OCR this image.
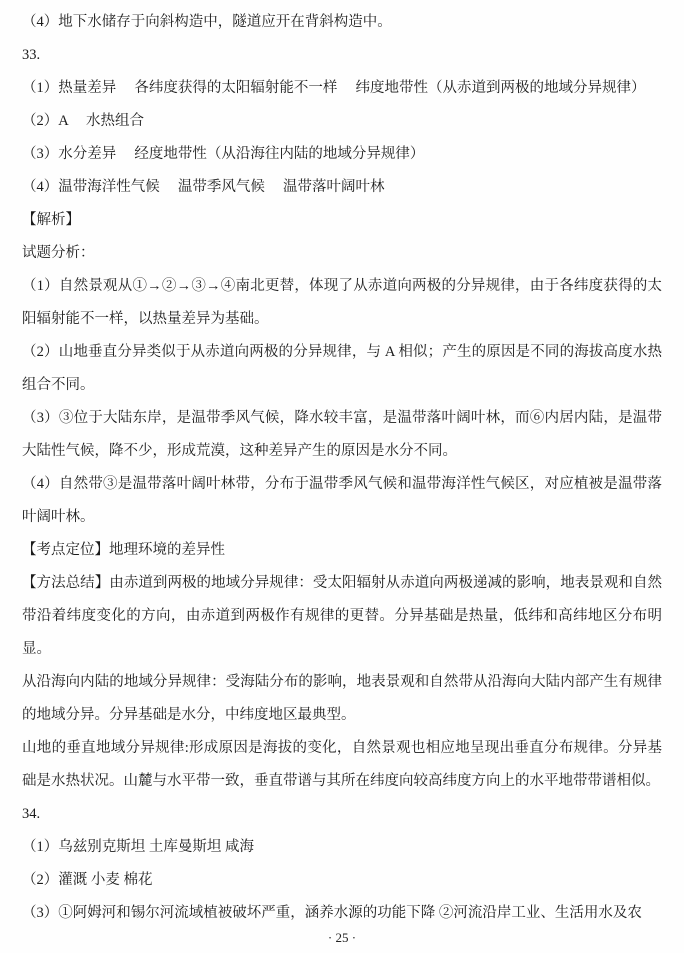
（4）地下水储存于向斜构造中，隧道应开在背斜构造中。

33.

（1）热量差异　 各纬度获得的太阳辐射能不一样　 纬度地带性（从赤道到两极的地域分异规律）

（2）A　 水热组合

（3）水分差异　 经度地带性（从沿海往内陆的地域分异规律）

（4）温带海洋性气候　 温带季风气候　 温带落叶阔叶林

【解析】

试题分析：

（1）自然景观从①→②→③→④南北更替，体现了从赤道向两极的分异规律，由于各纬度获得的太阳辐射能不一样，以热量差异为基础。

（2）山地垂直分异类似于从赤道向两极的分异规律，与 A 相似；产生的原因是不同的海拔高度水热组合不同。

（3）③位于大陆东岸，是温带季风气候，降水较丰富，是温带落叶阔叶林，而⑥内居内陆，是温带大陆性气候，降不少，形成荒漠，这种差异产生的原因是水分不同。

（4）自然带③是温带落叶阔叶林带，分布于温带季风气候和温带海洋性气候区，对应植被是温带落叶阔叶林。

【考点定位】地理环境的差异性

【方法总结】由赤道到两极的地域分异规律：受太阳辐射从赤道向两极递减的影响，地表景观和自然带沿着纬度变化的方向，由赤道到两极作有规律的更替。分异基础是热量，低纬和高纬地区分布明显。

从沿海向内陆的地域分异规律：受海陆分布的影响，地表景观和自然带从沿海向大陆内部产生有规律的地域分异。分异基础是水分，中纬度地区最典型。

山地的垂直地域分异规律:形成原因是海拔的变化，自然景观也相应地呈现出垂直分布规律。分异基础是水热状况。山麓与水平带一致，垂直带谱与其所在纬度向较高纬度方向上的水平地带带谱相似。

34.

（1）乌兹别克斯坦 土库曼斯坦 咸海

（2）灌溉 小麦 棉花

（3）①阿姆河和锡尔河流域植被破坏严重，涵养水源的功能下降 ②河流沿岸工业、生活用水及农

· 25 ·
